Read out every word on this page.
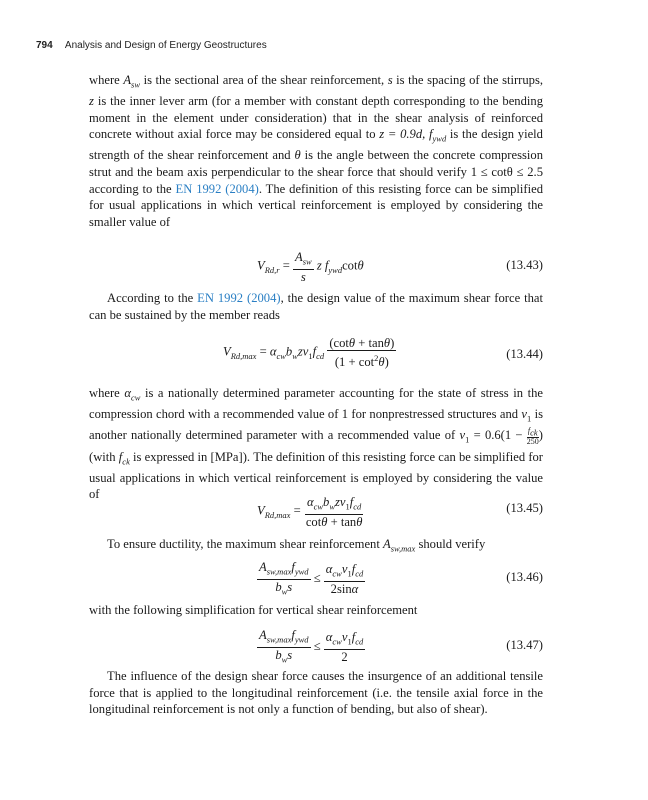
794 Analysis and Design of Energy Geostructures

where $A_{sw}$ is the sectional area of the shear reinforcement, s is the spacing of the stirrups, z is the inner lever arm (for a member with constant depth corresponding to the bending moment in the element under consideration) that in the shear analysis of reinforced concrete without axial force may be considered equal to z = 0.9d, $f_{ywd}$ is the design yield strength of the shear reinforcement and θ is the angle between the concrete compression strut and the beam axis perpendicular to the shear force that should verify 1 ≤ cotθ ≤ 2.5 according to the EN 1992 (2004). The definition of this resisting force can be simplified for usual applications in which vertical reinforcement is employed by considering the smaller value of

$V_{Rd,r} = \frac{A_{sw}}{s}$ z $f_{ywd}\cot\theta$	(13.43)

According to the EN 1992 (2004), the design value of the maximum shear force that can be sustained by the member reads

$V_{Rd,max} = \alpha_{cw}b_wz\nu_1f_{cd} \frac{(\cot\theta + \tan\theta)}{(1 + \cot^2\theta)}$	(13.44)

where $\alpha_{cw}$ is a nationally determined parameter accounting for the state of stress in the compression chord with a recommended value of 1 for nonprestressed structures and $\nu_1$ is another nationally determined parameter with a recommended value of $\nu_1 = 0.6(1 - f_{ck}$
250 ) (with $f_{ck}$ is expressed in [MPa]). The definition of this resisting force can be simplified for usual applications in which vertical reinforcement is employed by considering the value of

$V_{Rd,max} = \frac{\alpha_{cw}b_wz\nu_1f_{cd}}{\cot\theta + \tan\theta}$	(13.45)

To ensure ductility, the maximum shear reinforcement $A_{sw,max}$ should verify

$\frac{A_{sw,max}f_{ywd}}{b_ws} \le \frac{\alpha_{cw}\nu_1f_{cd}}{2\sin\alpha}$	(13.46)

with the following simplification for vertical shear reinforcement

$\frac{A_{sw,max}f_{ywd}}{b_ws} \le \frac{\alpha_{cw}\nu_1f_{cd}}{2}$	(13.47)

The influence of the design shear force causes the insurgence of an additional tensile force that is applied to the longitudinal reinforcement (i.e. the tensile axial force in the longitudinal reinforcement is not only a function of bending, but also of shear).
